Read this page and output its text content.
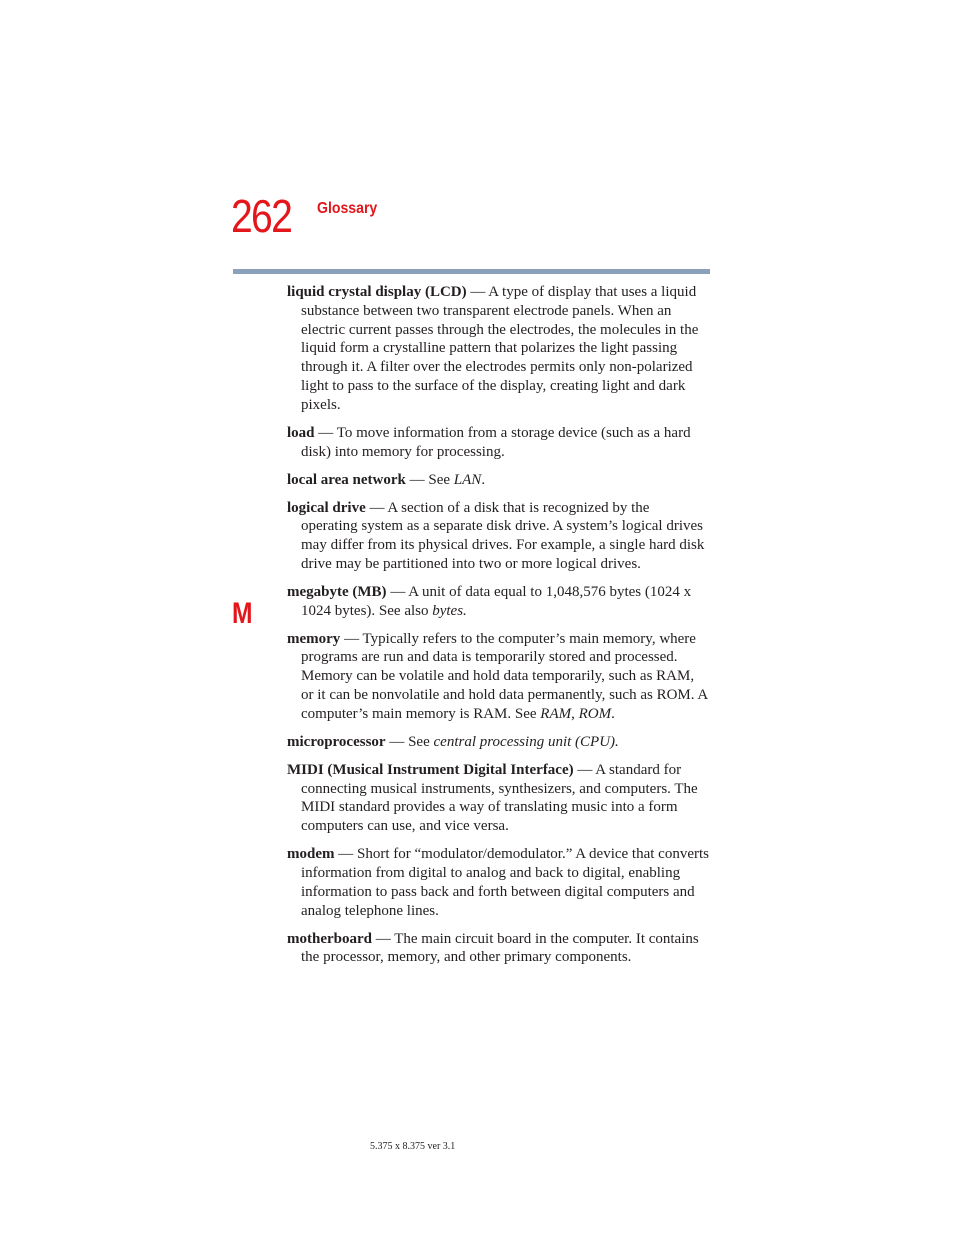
262 Glossary
M

liquid crystal display (LCD) — A type of display that uses a liquid substance between two transparent electrode panels. When an electric current passes through the electrodes, the molecules in the liquid form a crystalline pattern that polarizes the light passing through it. A filter over the electrodes permits only non-polarized light to pass to the surface of the display, creating light and dark pixels.

load — To move information from a storage device (such as a hard disk) into memory for processing.

local area network — See LAN.

logical drive — A section of a disk that is recognized by the operating system as a separate disk drive. A system’s logical drives may differ from its physical drives. For example, a single hard disk drive may be partitioned into two or more logical drives.

megabyte (MB) — A unit of data equal to 1,048,576 bytes (1024 x 1024 bytes). See also bytes.

memory — Typically refers to the computer’s main memory, where programs are run and data is temporarily stored and processed. Memory can be volatile and hold data temporarily, such as RAM, or it can be nonvolatile and hold data permanently, such as ROM. A computer’s main memory is RAM. See RAM, ROM.

microprocessor — See central processing unit (CPU).

MIDI (Musical Instrument Digital Interface) — A standard for connecting musical instruments, synthesizers, and computers. The MIDI standard provides a way of translating music into a form computers can use, and vice versa.

modem — Short for “modulator/demodulator.” A device that converts information from digital to analog and back to digital, enabling information to pass back and forth between digital computers and analog telephone lines.

motherboard — The main circuit board in the computer. It contains the processor, memory, and other primary components.

5.375 x 8.375 ver 3.1
